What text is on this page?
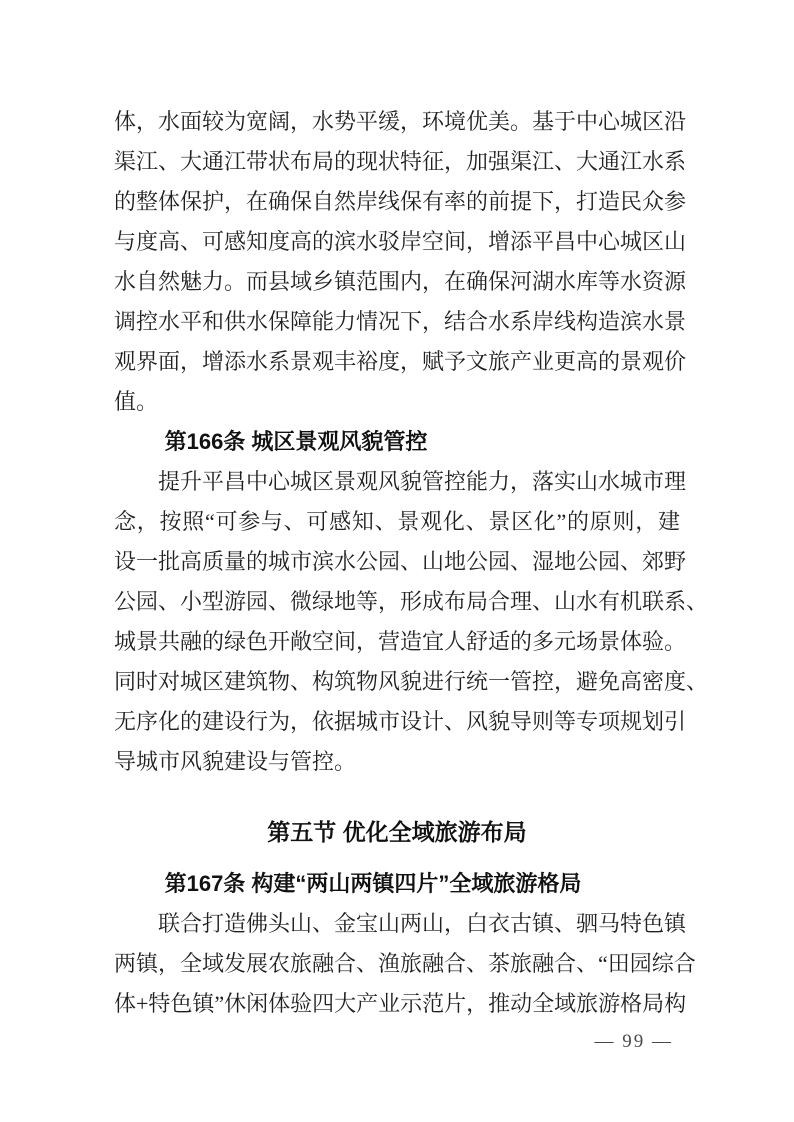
体，水面较为宽阔，水势平缓，环境优美。基于中心城区沿
渠江、大通江带状布局的现状特征，加强渠江、大通江水系
的整体保护，在确保自然岸线保有率的前提下，打造民众参
与度高、可感知度高的滨水驳岸空间，增添平昌中心城区山
水自然魅力。而县域乡镇范围内，在确保河湖水库等水资源
调控水平和供水保障能力情况下，结合水系岸线构造滨水景
观界面，增添水系景观丰裕度，赋予文旅产业更高的景观价
值。
第166条 城区景观风貌管控
提升平昌中心城区景观风貌管控能力，落实山水城市理
念，按照“可参与、可感知、景观化、景区化”的原则，建
设一批高质量的城市滨水公园、山地公园、湿地公园、郊野
公园、小型游园、微绿地等，形成布局合理、山水有机联系、
城景共融的绿色开敞空间，营造宜人舒适的多元场景体验。
同时对城区建筑物、构筑物风貌进行统一管控，避免高密度、
无序化的建设行为，依据城市设计、风貌导则等专项规划引
导城市风貌建设与管控。
第五节 优化全域旅游布局
第167条 构建“两山两镇四片”全域旅游格局
联合打造佛头山、金宝山两山，白衣古镇、驷马特色镇
两镇，全域发展农旅融合、渔旅融合、茶旅融合、“田园综合
体+特色镇”休闲体验四大产业示范片，推动全域旅游格局构
— 99 —
